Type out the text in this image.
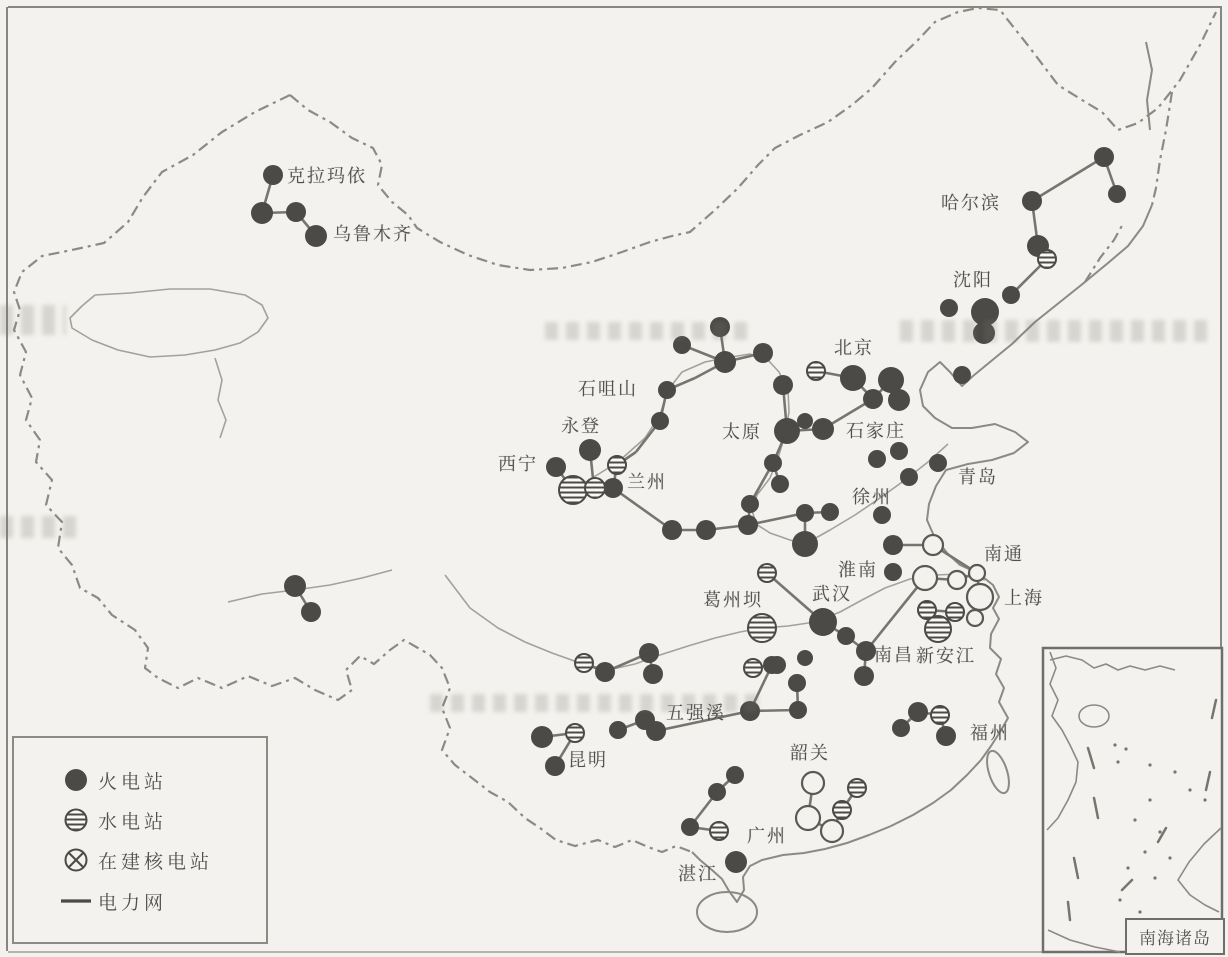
克拉玛依
乌鲁木齐
哈尔滨
沈阳
北京
石咀山
永登
西宁
兰州
太原	石家庄
徐州
青岛
南通
上海
淮南
葛州坝	武汉
南昌 新安江
五强溪
昆明
福州
韶关
广州
湛江
火电站
水电站
在建核电站
电力网
南海诸岛
